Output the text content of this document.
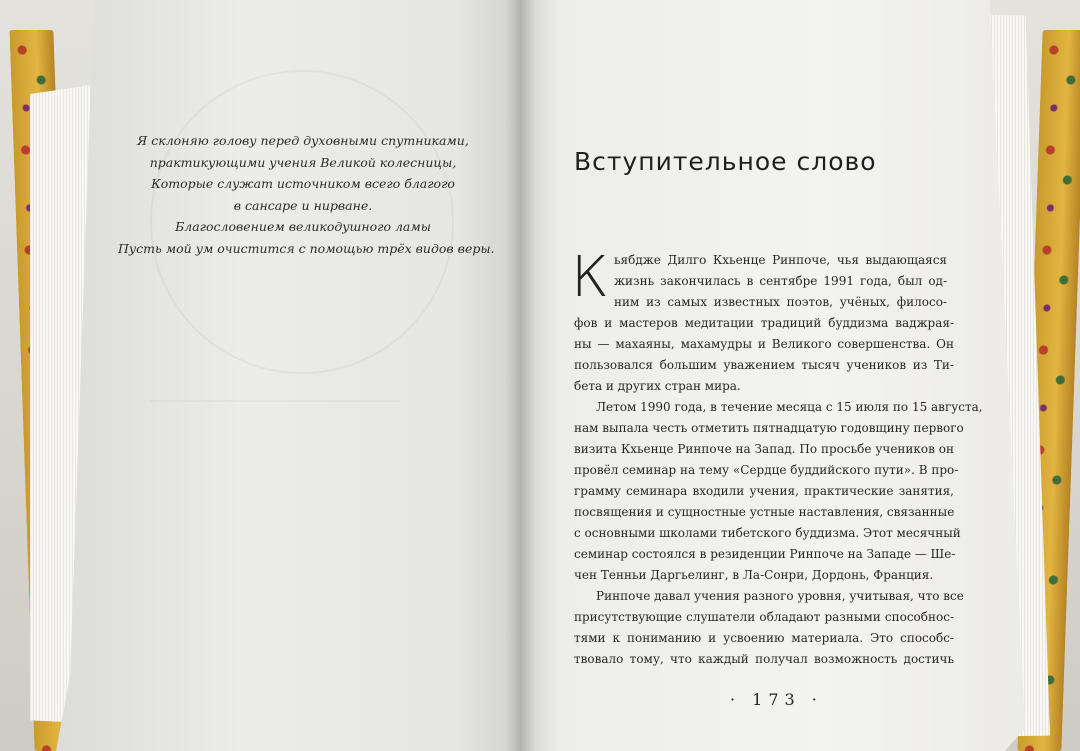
Я склоняю голову перед духовными спутниками,
практикующими учения Великой колесницы,
Которые служат источником всего благого
в сансаре и нирване.
Благословением великодушного ламы
Пусть мой ум очистится с помощью трёх видов веры.
Вступительное слово
К ьябдже Дилго Кхьенце Ринпоче, чья выдающаяся
жизнь закончилась в сентябре 1991 года, был од-
ним из самых известных поэтов, учёных, филосо-
фов и мастеров медитации традиций буддизма ваджрая-
ны — махаяны, махамудры и Великого совершенства. Он
пользовался большим уважением тысяч учеников из Ти-
бета и других стран мира.
Летом 1990 года, в течение месяца с 15 июля по 15 августа,
нам выпала честь отметить пятнадцатую годовщину первого
визита Кхьенце Ринпоче на Запад. По просьбе учеников он
провёл семинар на тему «Сердце буддийского пути». В про-
грамму семинара входили учения, практические занятия,
посвящения и сущностные устные наставления, связанные
с основными школами тибетского буддизма. Этот месячный
семинар состоялся в резиденции Ринпоче на Западе — Ше-
чен Тенньи Даргьелинг, в Ла-Сонри, Дордонь, Франция.
Ринпоче давал учения разного уровня, учитывая, что все
присутствующие слушатели обладают разными способнос-
тями к пониманию и усвоению материала. Это способс-
твовало тому, что каждый получал возможность достичь
· 173 ·
